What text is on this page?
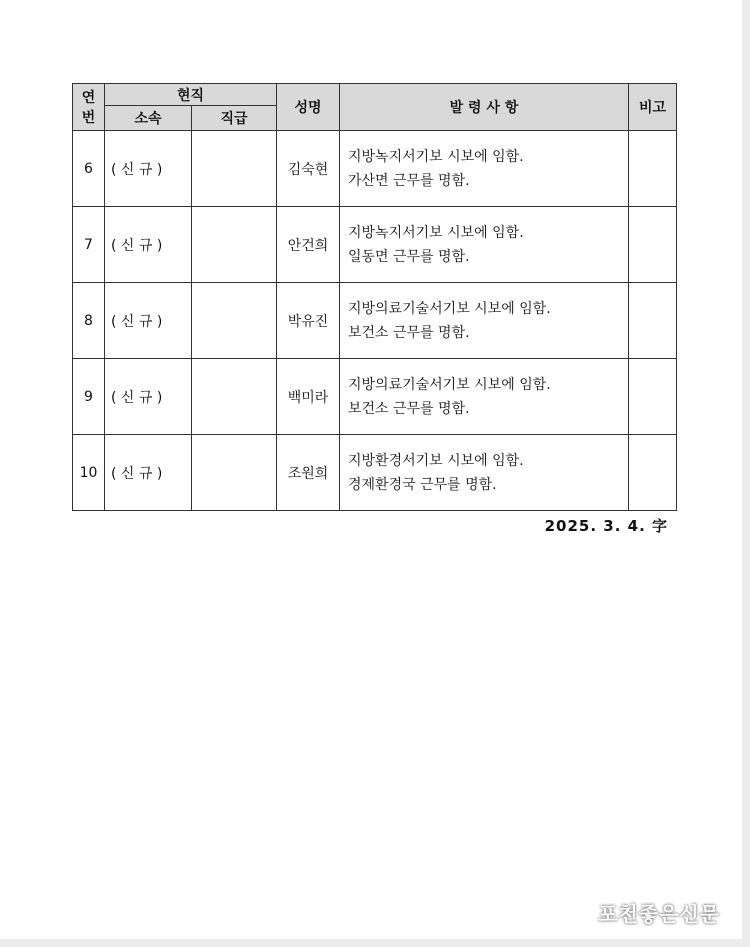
연
번	현직		성명	발 령 사 항	비고
	소속	직급			
6	( 신 규 )		김숙현	지방녹지서기보 시보에 임함.
가산면 근무를 명함.	

7	( 신 규 )		안건희	지방녹지서기보 시보에 임함.
일동면 근무를 명함.	

8	( 신 규 )		박유진	지방의료기술서기보 시보에 임함.
보건소 근무를 명함.	

9	( 신 규 )		백미라	지방의료기술서기보 시보에 임함.
보건소 근무를 명함.	

10	( 신 규 )		조원희	지방환경서기보 시보에 임함.
경제환경국 근무를 명함.	

2025. 3. 4. 字
포천좋은신문
